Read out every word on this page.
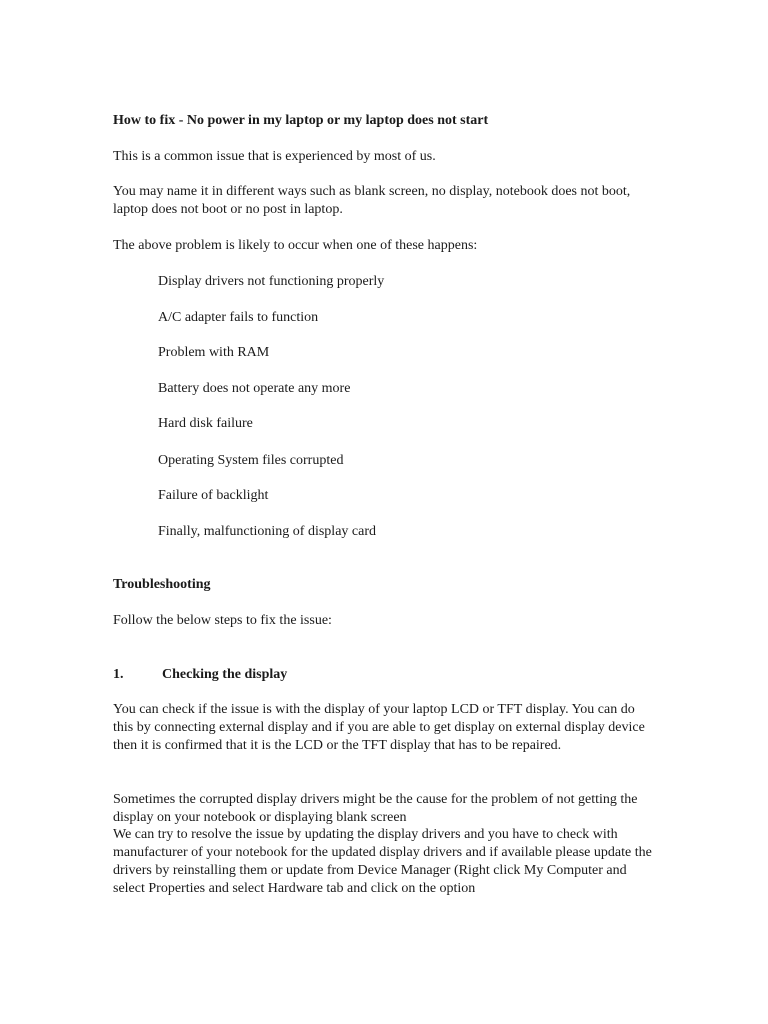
How to fix - No power in my laptop or my laptop does not start

This is a common issue that is experienced by most of us.

You may name it in different ways such as blank screen, no display, notebook does not boot, laptop does not boot or no post in laptop.

The above problem is likely to occur when one of these happens:

Display drivers not functioning properly

A/C adapter fails to function

Problem with RAM

Battery does not operate any more

Hard disk failure

Operating System files corrupted

Failure of backlight

Finally, malfunctioning of display card

Troubleshooting

Follow the below steps to fix the issue:

1.	Checking the display

You can check if the issue is with the display of your laptop LCD or TFT display. You can do this by connecting external display and if you are able to get display on external display device then it is confirmed that it is the LCD or the TFT display that has to be repaired.

Sometimes the corrupted display drivers might be the cause for the problem of not getting the display on your notebook or displaying blank screen

We can try to resolve the issue by updating the display drivers and you have to check with manufacturer of your notebook for the updated display drivers and if available please update the drivers by reinstalling them or update from Device Manager (Right click My Computer and select Properties and select Hardware tab and click on the option
